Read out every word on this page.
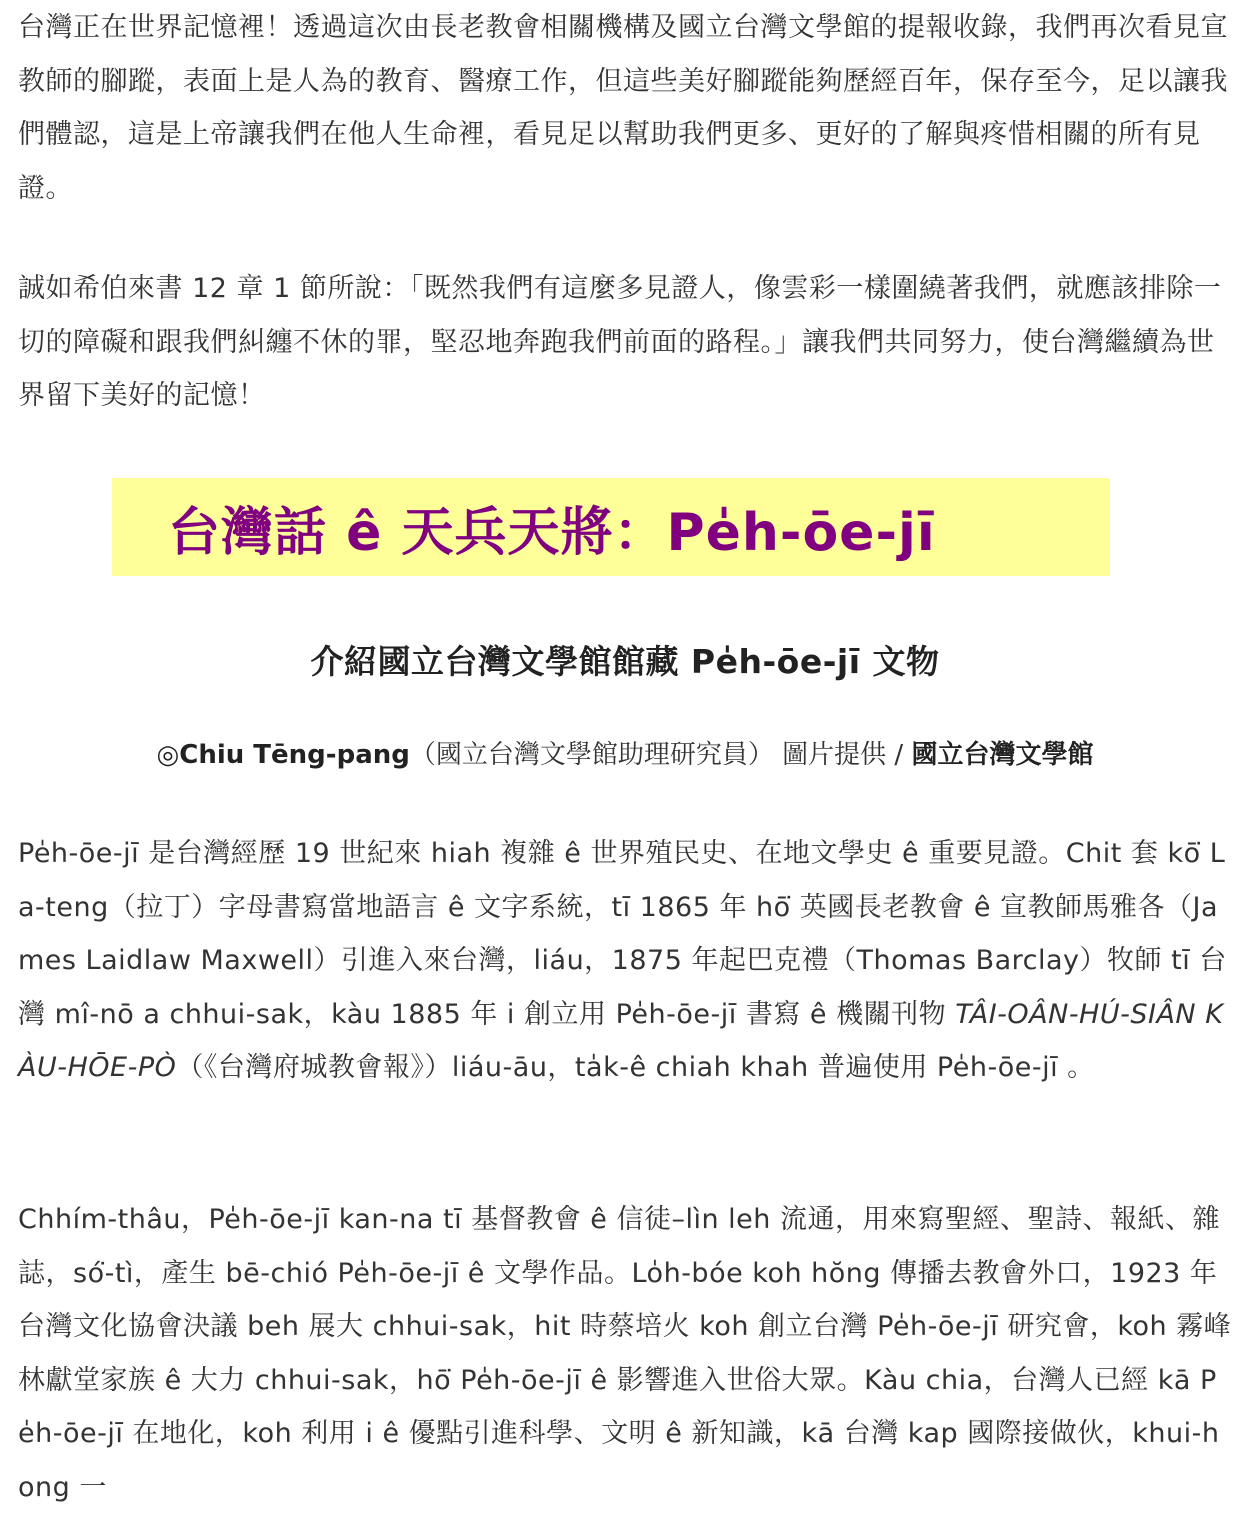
台灣正在世界記憶裡！透過這次由長老教會相關機構及國立台灣文學館的提報收錄，我們再次看見宣教師的腳蹤，表面上是人為的教育、醫療工作，但這些美好腳蹤能夠歷經百年，保存至今，足以讓我們體認，這是上帝讓我們在他人生命裡，看見足以幫助我們更多、更好的了解與疼惜相關的所有見證。

誠如希伯來書 12 章 1 節所說：「既然我們有這麼多見證人，像雲彩一樣圍繞著我們，就應該排除一切的障礙和跟我們糾纏不休的罪，堅忍地奔跑我們前面的路程。」讓我們共同努力，使台灣繼續為世界留下美好的記憶！

台灣話 ê 天兵天將：Pe̍h-ōe-jī
介紹國立台灣文學館館藏 Pe̍h-ōe-jī 文物
◎Chiu Tēng-pang（國立台灣文學館助理研究員） 圖片提供 / 國立台灣文學館

Pe̍h-ōe-jī 是台灣經歷 19 世紀來 hiah 複雜 ê 世界殖民史、在地文學史 ê 重要見證。Chit 套 kō͘ La-teng（拉丁）字母書寫當地語言 ê 文字系統，tī 1865 年 hō͘ 英國長老教會 ê 宣教師馬雅各（James Laidlaw Maxwell）引進入來台灣，liáu，1875 年起巴克禮（Thomas Barclay）牧師 tī 台灣 mî-nō a chhui-sak，kàu 1885 年 i 創立用 Pe̍h-ōe-jī 書寫 ê 機關刊物 TÂI-OÂN-HÚ-SIÂN KÀU-HŌE-PÒ（《台灣府城教會報》）liáu-āu，ta̍k-ê chiah khah 普遍使用 Pe̍h-ōe-jī 。

Chhím-thâu，Pe̍h-ōe-jī kan-na tī 基督教會 ê 信徒–lìn leh 流通，用來寫聖經、聖詩、報紙、雜誌，só͘-tì，產生 bē-chió Pe̍h-ōe-jī ê 文學作品。Lo̍h-bóe koh hŏng 傳播去教會外口，1923 年台灣文化協會決議 beh 展大 chhui-sak，hit 時蔡培火 koh 創立台灣 Pe̍h-ōe-jī 研究會，koh 霧峰林獻堂家族 ê 大力 chhui-sak，hō͘ Pe̍h-ōe-jī ê 影響進入世俗大眾。Kàu chia，台灣人已經 kā Pe̍h-ōe-jī 在地化，koh 利用 i ê 優點引進科學、文明 ê 新知識，kā 台灣 kap 國際接做伙，khui-hong 一
